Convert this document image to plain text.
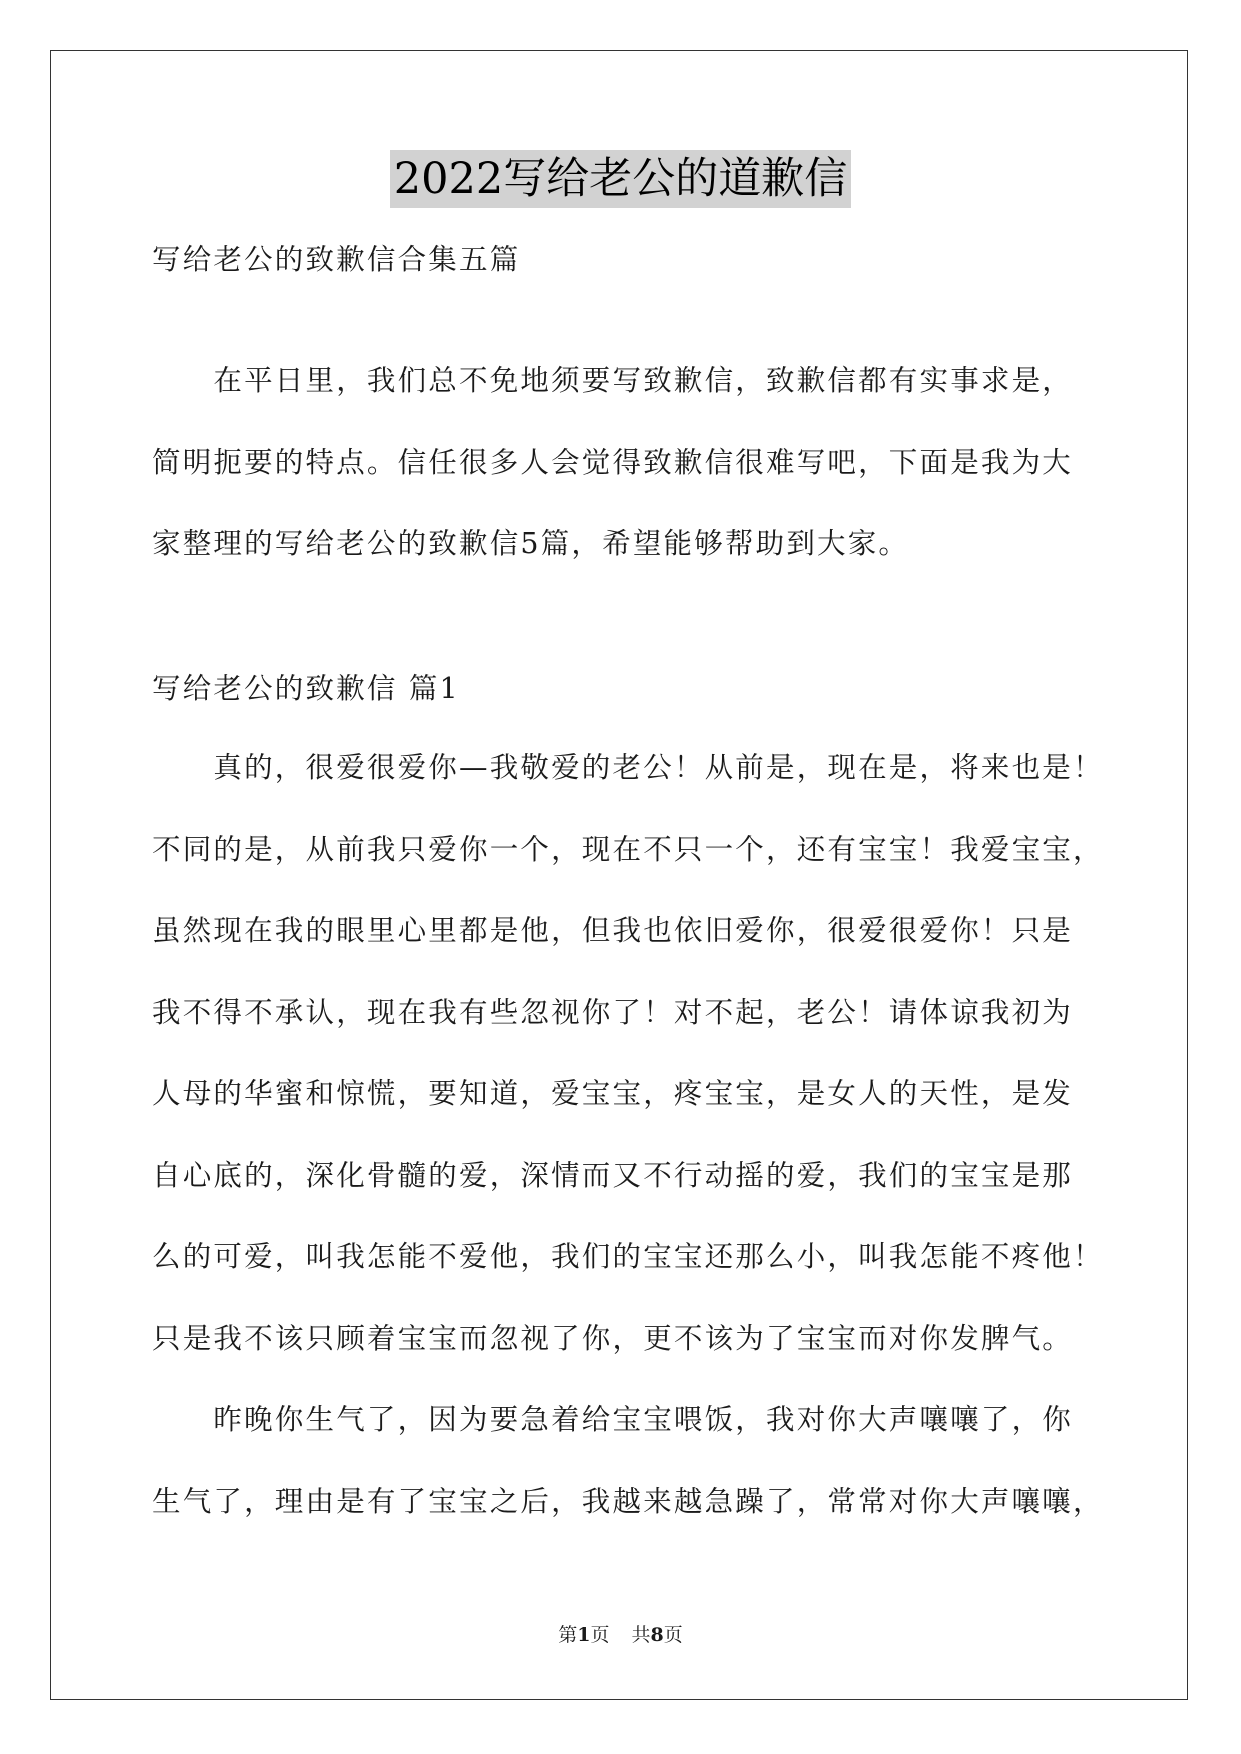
2022写给老公的道歉信

写给老公的致歉信合集五篇

　　在平日里，我们总不免地须要写致歉信，致歉信都有实事求是，

简明扼要的特点。信任很多人会觉得致歉信很难写吧，下面是我为大

家整理的写给老公的致歉信5篇，希望能够帮助到大家。

写给老公的致歉信 篇1

　　真的，很爱很爱你—我敬爱的老公！从前是，现在是，将来也是！

不同的是，从前我只爱你一个，现在不只一个，还有宝宝！我爱宝宝，

虽然现在我的眼里心里都是他，但我也依旧爱你，很爱很爱你！只是

我不得不承认，现在我有些忽视你了！对不起，老公！请体谅我初为

人母的华蜜和惊慌，要知道，爱宝宝，疼宝宝，是女人的天性，是发

自心底的，深化骨髓的爱，深情而又不行动摇的爱，我们的宝宝是那

么的可爱，叫我怎能不爱他，我们的宝宝还那么小，叫我怎能不疼他！

只是我不该只顾着宝宝而忽视了你，更不该为了宝宝而对你发脾气。

　　昨晚你生气了，因为要急着给宝宝喂饭，我对你大声嚷嚷了，你

生气了，理由是有了宝宝之后，我越来越急躁了，常常对你大声嚷嚷，

第1页 共8页
